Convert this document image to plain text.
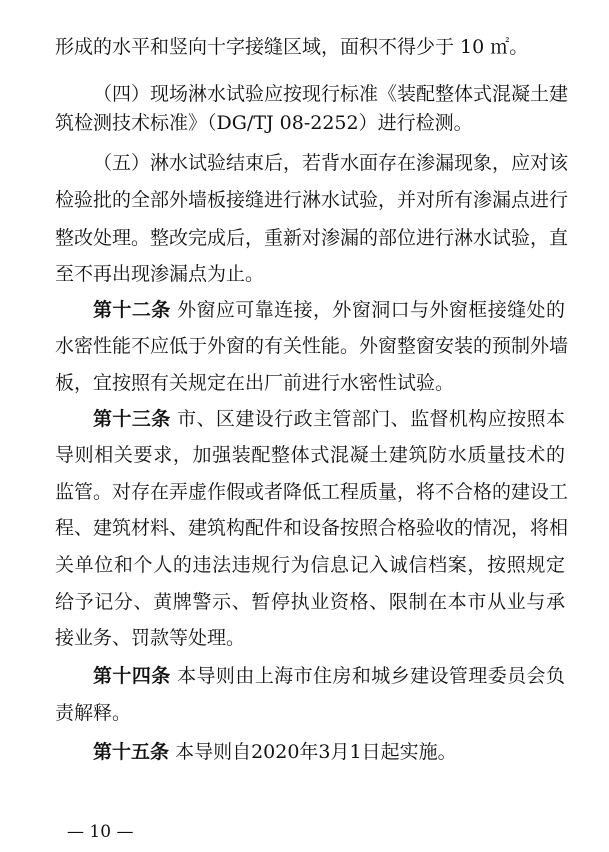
形成的水平和竖向十字接缝区域，面积不得少于 10 ㎡。
（四）现场淋水试验应按现行标准《装配整体式混凝土建
筑检测技术标准》（DG/TJ 08-2252）进行检测。
（五）淋水试验结束后，若背水面存在渗漏现象，应对该
检验批的全部外墙板接缝进行淋水试验，并对所有渗漏点进行
整改处理。整改完成后，重新对渗漏的部位进行淋水试验，直
至不再出现渗漏点为止。
第十二条 外窗应可靠连接，外窗洞口与外窗框接缝处的
水密性能不应低于外窗的有关性能。外窗整窗安装的预制外墙
板，宜按照有关规定在出厂前进行水密性试验。
第十三条 市、区建设行政主管部门、监督机构应按照本
导则相关要求，加强装配整体式混凝土建筑防水质量技术的
监管。对存在弄虚作假或者降低工程质量，将不合格的建设工
程、建筑材料、建筑构配件和设备按照合格验收的情况，将相
关单位和个人的违法违规行为信息记入诚信档案，按照规定
给予记分、黄牌警示、暂停执业资格、限制在本市从业与承
接业务、罚款等处理。
第十四条 本导则由上海市住房和城乡建设管理委员会负
责解释。
第十五条 本导则自2020年3月1日起实施。
— 10 —
